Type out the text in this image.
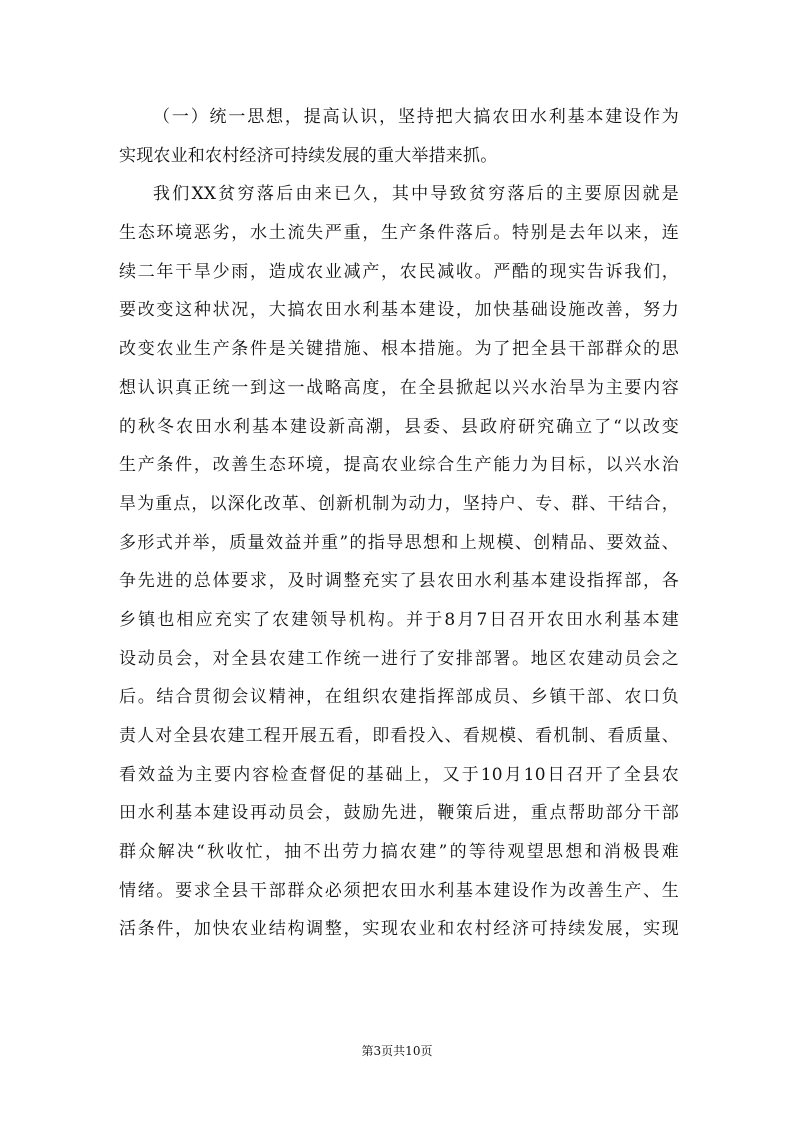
（一）统一思想，提高认识，坚持把大搞农田水利基本建设作为
实现农业和农村经济可持续发展的重大举措来抓。
我们XX贫穷落后由来已久，其中导致贫穷落后的主要原因就是
生态环境恶劣，水土流失严重，生产条件落后。特别是去年以来，连
续二年干旱少雨，造成农业减产，农民减收。严酷的现实告诉我们，
要改变这种状况，大搞农田水利基本建设，加快基础设施改善，努力
改变农业生产条件是关键措施、根本措施。为了把全县干部群众的思
想认识真正统一到这一战略高度，在全县掀起以兴水治旱为主要内容
的秋冬农田水利基本建设新高潮，县委、县政府研究确立了“以改变
生产条件，改善生态环境，提高农业综合生产能力为目标，以兴水治
旱为重点，以深化改革、创新机制为动力，坚持户、专、群、干结合，
多形式并举，质量效益并重”的指导思想和上规模、创精品、要效益、
争先进的总体要求，及时调整充实了县农田水利基本建设指挥部，各
乡镇也相应充实了农建领导机构。并于8月7日召开农田水利基本建
设动员会，对全县农建工作统一进行了安排部署。地区农建动员会之
后。结合贯彻会议精神，在组织农建指挥部成员、乡镇干部、农口负
责人对全县农建工程开展五看，即看投入、看规模、看机制、看质量、
看效益为主要内容检查督促的基础上，又于10月10日召开了全县农
田水利基本建设再动员会，鼓励先进，鞭策后进，重点帮助部分干部
群众解决“秋收忙，抽不出劳力搞农建”的等待观望思想和消极畏难
情绪。要求全县干部群众必须把农田水利基本建设作为改善生产、生
活条件，加快农业结构调整，实现农业和农村经济可持续发展，实现
第3页共10页
